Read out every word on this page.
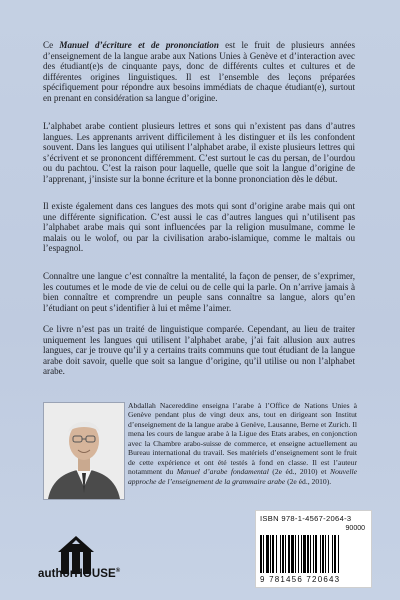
Ce Manuel d’écriture et de prononciation est le fruit de plusieurs années d’enseignement de la langue arabe aux Nations Unies à Genève et d’interaction avec des étudiant(e)s de cinquante pays, donc de différents cultes et cultures et de différentes origines linguistiques. Il est l’ensemble des leçons préparées spécifiquement pour répondre aux besoins immédiats de chaque étudiant(e), surtout en prenant en considération sa langue d’origine.

L’alphabet arabe contient plusieurs lettres et sons qui n’existent pas dans d’autres langues. Les apprenants arrivent difficilement à les distinguer et ils les confondent souvent. Dans les langues qui utilisent l’alphabet arabe, il existe plusieurs lettres qui s’écrivent et se prononcent différemment. C’est surtout le cas du persan, de l’ourdou ou du pachtou. C’est la raison pour laquelle, quelle que soit la langue d’origine de l’apprenant, j’insiste sur la bonne écriture et la bonne prononciation dès le début.

Il existe également dans ces langues des mots qui sont d’origine arabe mais qui ont une différente signification. C’est aussi le cas d’autres langues qui n’utilisent pas l’alphabet arabe mais qui sont influencées par la religion musulmane, comme le malais ou le wolof, ou par la civilisation arabo-islamique, comme le maltais ou l’espagnol.

Connaître une langue c’est connaître la mentalité, la façon de penser, de s’exprimer, les coutumes et le mode de vie de celui ou de celle qui la parle. On n’arrive jamais à bien connaître et comprendre un peuple sans connaître sa langue, alors qu’en l’étudiant on peut s’identifier à lui et même l’aimer.

Ce livre n’est pas un traité de linguistique comparée. Cependant, au lieu de traiter uniquement les langues qui utilisent l’alphabet arabe, j’ai fait allusion aux autres langues, car je trouve qu’il y a certains traits communs que tout étudiant de la langue arabe doit savoir, quelle que soit sa langue d’origine, qu’il utilise ou non l’alphabet arabe.

Abdallah Nacereddine enseigna l’arabe à l’Office de Nations Unies à Genève pendant plus de vingt deux ans, tout en dirigeant son Institut d’enseignement de la langue arabe à Genève, Lausanne, Berne et Zurich. Il mena les cours de langue arabe à la Ligue des Etats arabes, en conjonction avec la Chambre arabo-suisse de commerce, et enseigne actuellement au Bureau international du travail. Ses matériels d’enseignement sont le fruit de cette expérience et ont été testés à fond en classe. Il est l’auteur notamment du Manuel d’arabe fondamental (2e éd., 2010) et Nouvelle approche de l’enseignement de la grammaire arabe (2e éd., 2010).

authorHOUSE®
ISBN 978-1-4567-2064-3
90000
9 781456 720643
